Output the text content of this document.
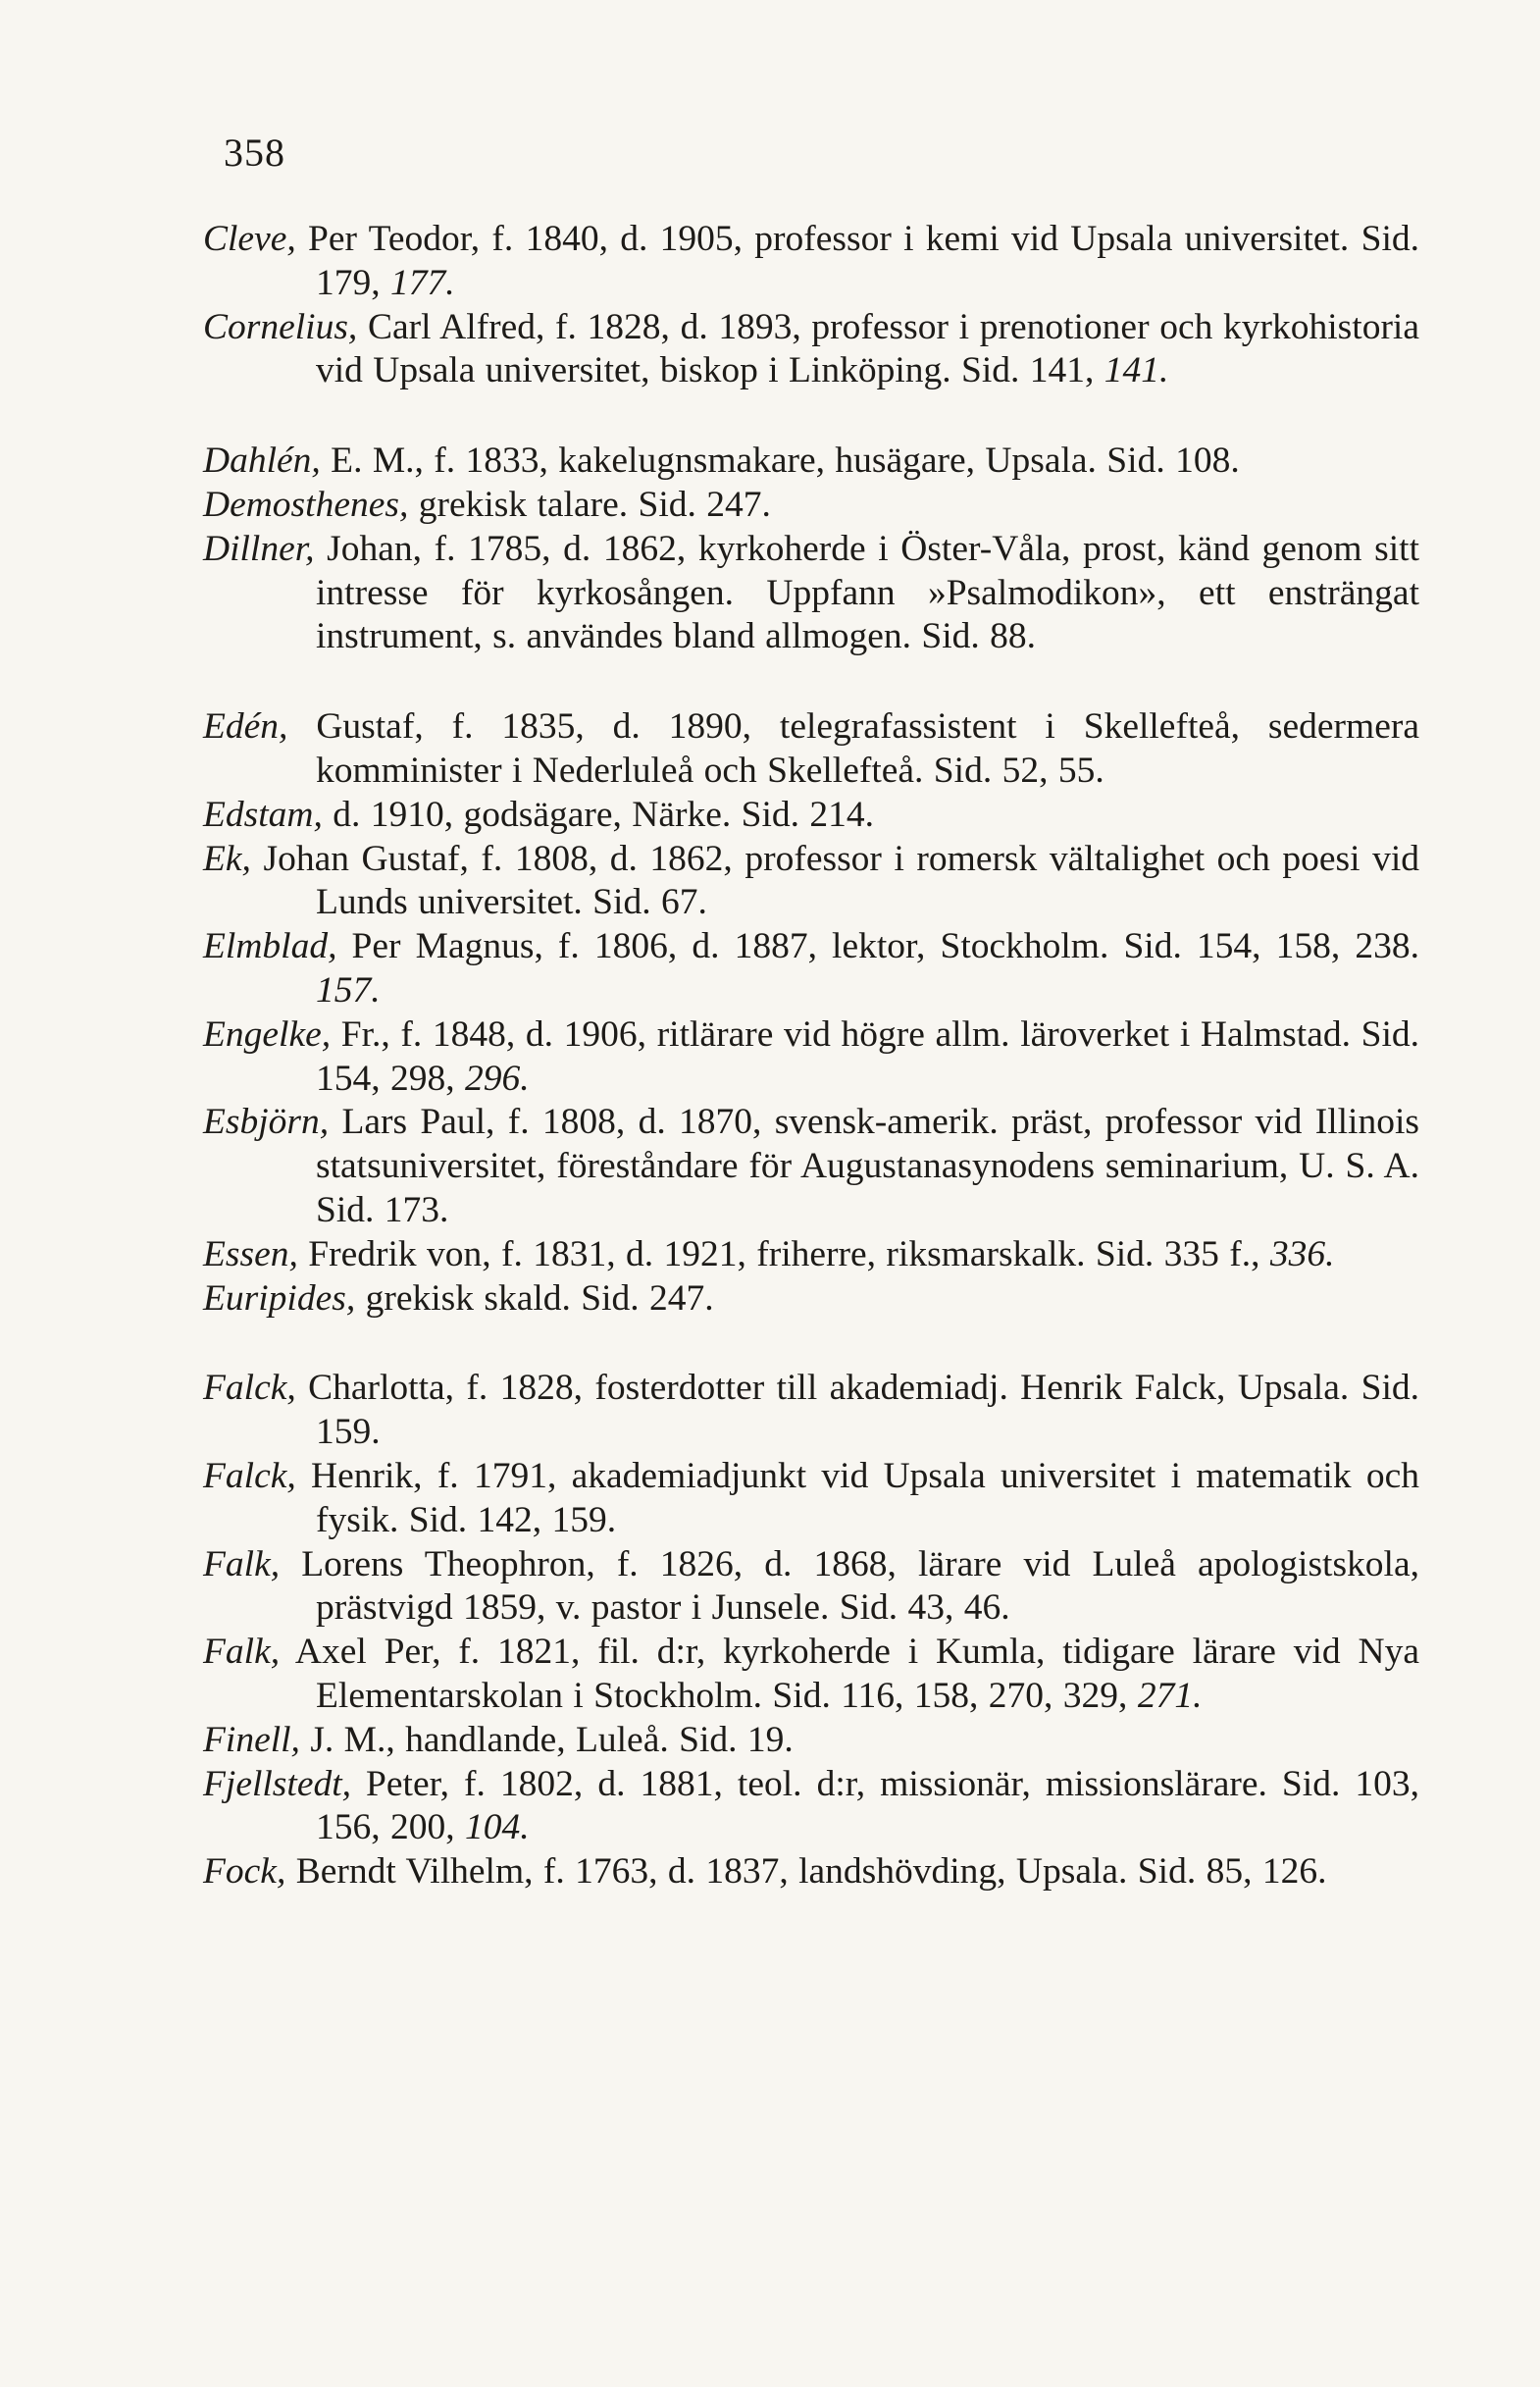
358

Cleve, Per Teodor, f. 1840, d. 1905, professor i kemi vid Upsala universitet. Sid. 179, 177.

Cornelius, Carl Alfred, f. 1828, d. 1893, professor i prenotioner och kyrkohistoria vid Upsala universitet, biskop i Linköping. Sid. 141, 141.

Dahlén, E. M., f. 1833, kakelugnsmakare, husägare, Upsala. Sid. 108.

Demosthenes, grekisk talare. Sid. 247.

Dillner, Johan, f. 1785, d. 1862, kyrkoherde i Öster-Våla, prost, känd genom sitt intresse för kyrkosången. Uppfann »Psalmodikon», ett ensträngat instrument, s. användes bland allmogen. Sid. 88.

Edén, Gustaf, f. 1835, d. 1890, telegrafassistent i Skellefteå, sedermera komminister i Nederluleå och Skellefteå. Sid. 52, 55.

Edstam, d. 1910, godsägare, Närke. Sid. 214.

Ek, Johan Gustaf, f. 1808, d. 1862, professor i romersk vältalighet och poesi vid Lunds universitet. Sid. 67.

Elmblad, Per Magnus, f. 1806, d. 1887, lektor, Stockholm. Sid. 154, 158, 238. 157.

Engelke, Fr., f. 1848, d. 1906, ritlärare vid högre allm. läroverket i Halmstad. Sid. 154, 298, 296.

Esbjörn, Lars Paul, f. 1808, d. 1870, svensk-amerik. präst, professor vid Illinois statsuniversitet, föreståndare för Augustanasynodens seminarium, U. S. A. Sid. 173.

Essen, Fredrik von, f. 1831, d. 1921, friherre, riksmarskalk. Sid. 335 f., 336.

Euripides, grekisk skald. Sid. 247.

Falck, Charlotta, f. 1828, fosterdotter till akademiadj. Henrik Falck, Upsala. Sid. 159.

Falck, Henrik, f. 1791, akademiadjunkt vid Upsala universitet i matematik och fysik. Sid. 142, 159.

Falk, Lorens Theophron, f. 1826, d. 1868, lärare vid Luleå apologistskola, prästvigd 1859, v. pastor i Junsele. Sid. 43, 46.

Falk, Axel Per, f. 1821, fil. d:r, kyrkoherde i Kumla, tidigare lärare vid Nya Elementarskolan i Stockholm. Sid. 116, 158, 270, 329, 271.

Finell, J. M., handlande, Luleå. Sid. 19.

Fjellstedt, Peter, f. 1802, d. 1881, teol. d:r, missionär, missionslärare. Sid. 103, 156, 200, 104.

Fock, Berndt Vilhelm, f. 1763, d. 1837, landshövding, Upsala. Sid. 85, 126.
